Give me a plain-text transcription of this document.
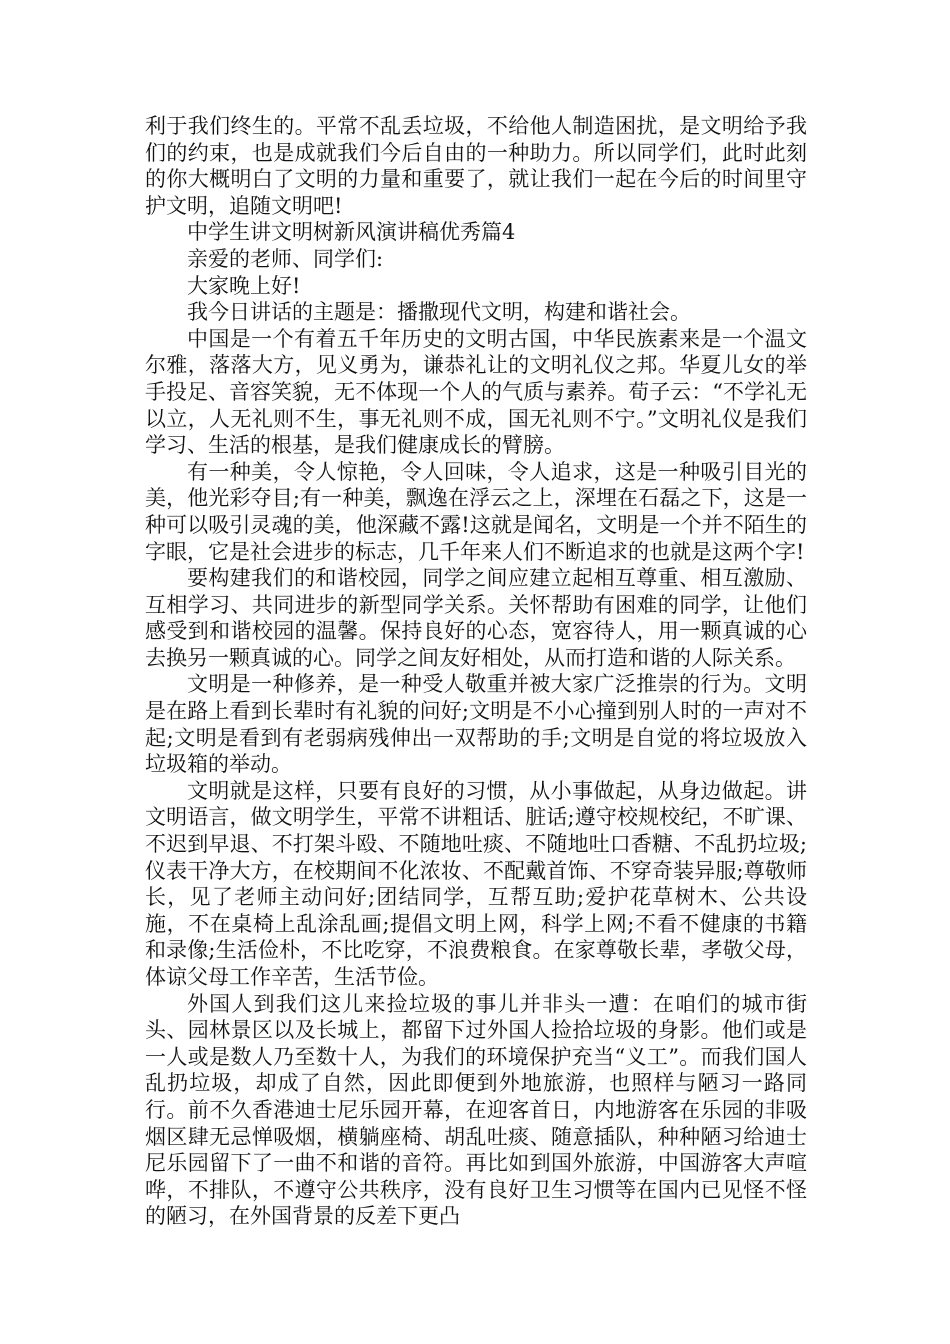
利于我们终生的。平常不乱丢垃圾，不给他人制造困扰，是文明给予我们的约束，也是成就我们今后自由的一种助力。所以同学们，此时此刻的你大概明白了文明的力量和重要了，就让我们一起在今后的时间里守护文明，追随文明吧!

中学生讲文明树新风演讲稿优秀篇4

亲爱的老师、同学们:

大家晚上好!

我今日讲话的主题是：播撒现代文明，构建和谐社会。

中国是一个有着五千年历史的文明古国，中华民族素来是一个温文尔雅，落落大方，见义勇为，谦恭礼让的文明礼仪之邦。华夏儿女的举手投足、音容笑貌，无不体现一个人的气质与素养。荀子云：“不学礼无以立，人无礼则不生，事无礼则不成，国无礼则不宁。”文明礼仪是我们学习、生活的根基，是我们健康成长的臂膀。

有一种美，令人惊艳，令人回味，令人追求，这是一种吸引目光的美，他光彩夺目;有一种美，飘逸在浮云之上，深埋在石磊之下，这是一种可以吸引灵魂的美，他深藏不露!这就是闻名，文明是一个并不陌生的字眼，它是社会进步的标志，几千年来人们不断追求的也就是这两个字!

要构建我们的和谐校园，同学之间应建立起相互尊重、相互激励、互相学习、共同进步的新型同学关系。关怀帮助有困难的同学，让他们感受到和谐校园的温馨。保持良好的心态，宽容待人，用一颗真诚的心去换另一颗真诚的心。同学之间友好相处，从而打造和谐的人际关系。

文明是一种修养，是一种受人敬重并被大家广泛推崇的行为。文明是在路上看到长辈时有礼貌的问好;文明是不小心撞到别人时的一声对不起;文明是看到有老弱病残伸出一双帮助的手;文明是自觉的将垃圾放入垃圾箱的举动。

文明就是这样，只要有良好的习惯，从小事做起，从身边做起。讲文明语言，做文明学生，平常不讲粗话、脏话;遵守校规校纪，不旷课、不迟到早退、不打架斗殴、不随地吐痰、不随地吐口香糖、不乱扔垃圾;仪表干净大方，在校期间不化浓妆、不配戴首饰、不穿奇装异服;尊敬师长，见了老师主动问好;团结同学，互帮互助;爱护花草树木、公共设施，不在桌椅上乱涂乱画;提倡文明上网，科学上网;不看不健康的书籍和录像;生活俭朴，不比吃穿，不浪费粮食。在家尊敬长辈，孝敬父母，体谅父母工作辛苦，生活节俭。

外国人到我们这儿来捡垃圾的事儿并非头一遭：在咱们的城市街头、园林景区以及长城上，都留下过外国人捡拾垃圾的身影。他们或是一人或是数人乃至数十人，为我们的环境保护充当“义工”。而我们国人乱扔垃圾，却成了自然，因此即便到外地旅游，也照样与陋习一路同行。前不久香港迪士尼乐园开幕，在迎客首日，内地游客在乐园的非吸烟区肆无忌惮吸烟，横躺座椅、胡乱吐痰、随意插队，种种陋习给迪士尼乐园留下了一曲不和谐的音符。再比如到国外旅游，中国游客大声喧哗，不排队，不遵守公共秩序，没有良好卫生习惯等在国内已见怪不怪的陋习，在外国背景的反差下更凸
